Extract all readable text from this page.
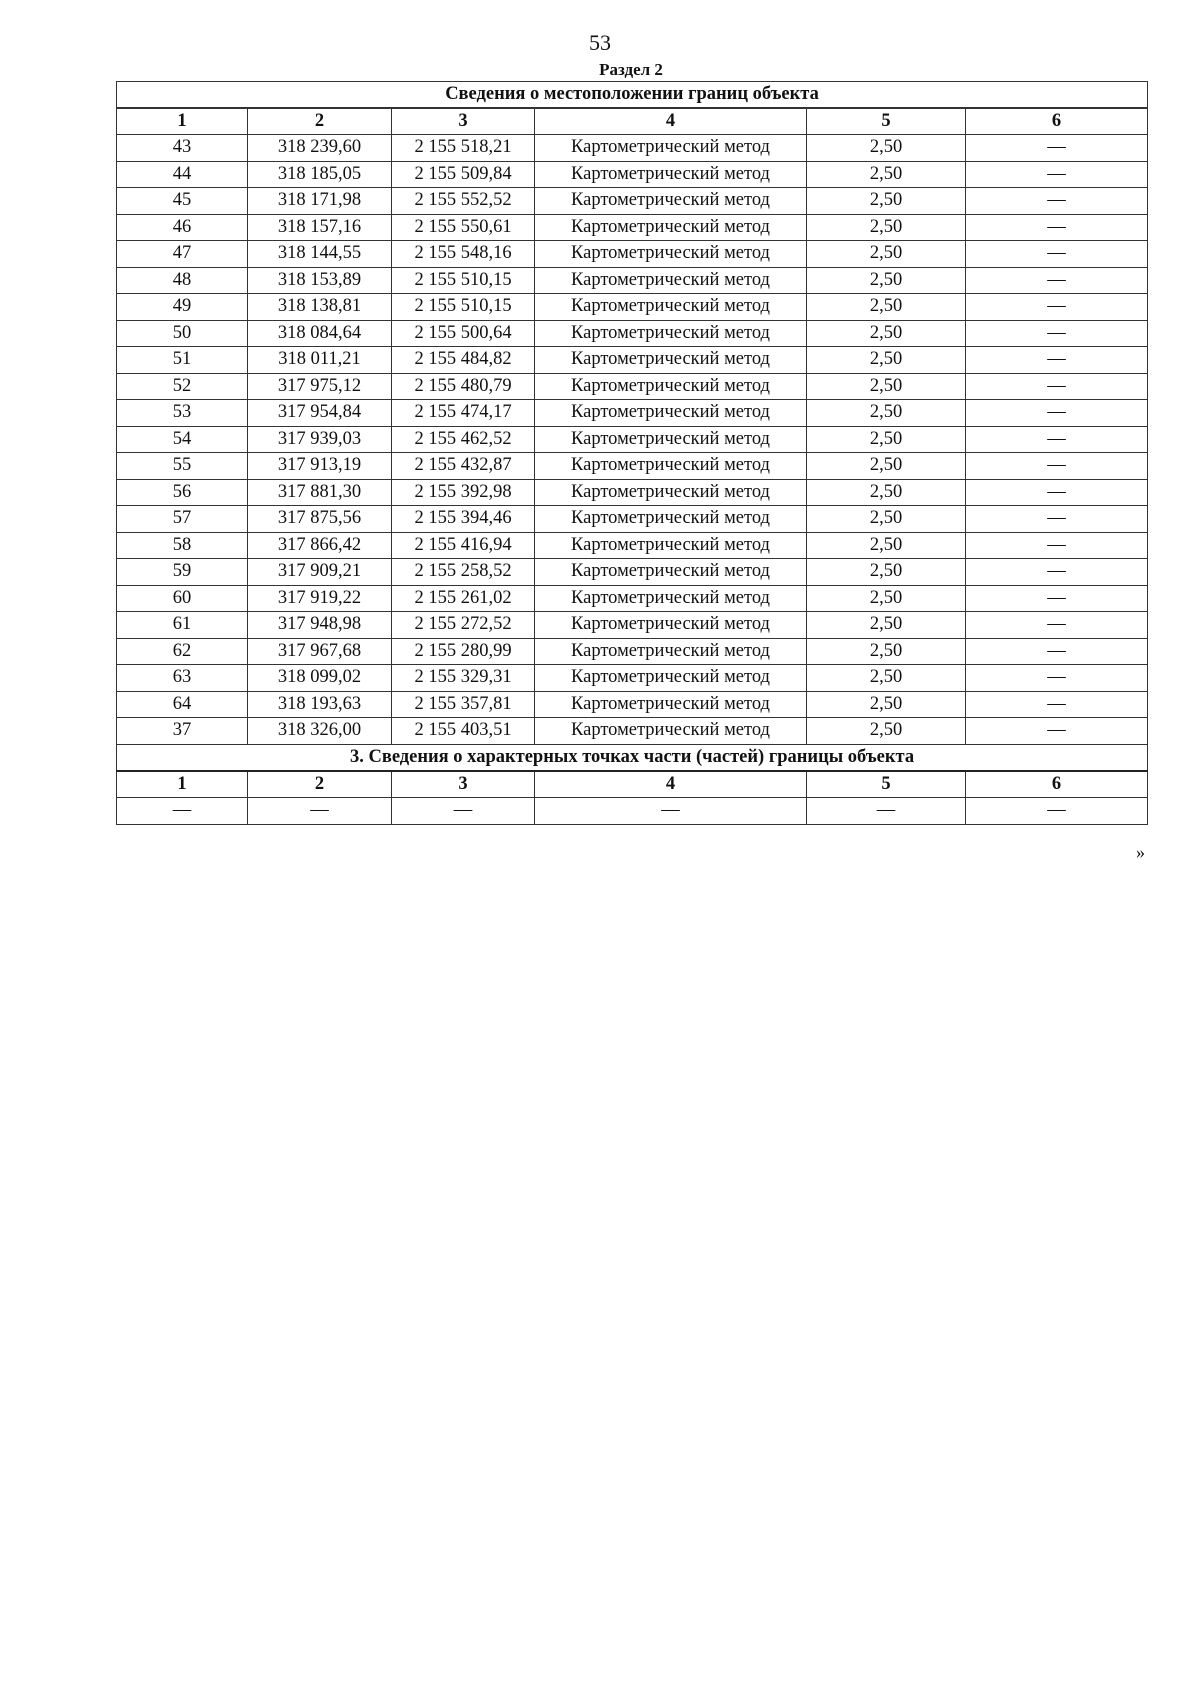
53
Раздел 2
Сведения о местоположении границ объекта					
1	2	3	4	5	6
43	318 239,60	2 155 518,21	Картометрический метод	2,50	—
44	318 185,05	2 155 509,84	Картометрический метод	2,50	—
45	318 171,98	2 155 552,52	Картометрический метод	2,50	—
46	318 157,16	2 155 550,61	Картометрический метод	2,50	—
47	318 144,55	2 155 548,16	Картометрический метод	2,50	—
48	318 153,89	2 155 510,15	Картометрический метод	2,50	—
49	318 138,81	2 155 510,15	Картометрический метод	2,50	—
50	318 084,64	2 155 500,64	Картометрический метод	2,50	—
51	318 011,21	2 155 484,82	Картометрический метод	2,50	—
52	317 975,12	2 155 480,79	Картометрический метод	2,50	—
53	317 954,84	2 155 474,17	Картометрический метод	2,50	—
54	317 939,03	2 155 462,52	Картометрический метод	2,50	—
55	317 913,19	2 155 432,87	Картометрический метод	2,50	—
56	317 881,30	2 155 392,98	Картометрический метод	2,50	—
57	317 875,56	2 155 394,46	Картометрический метод	2,50	—
58	317 866,42	2 155 416,94	Картометрический метод	2,50	—
59	317 909,21	2 155 258,52	Картометрический метод	2,50	—
60	317 919,22	2 155 261,02	Картометрический метод	2,50	—
61	317 948,98	2 155 272,52	Картометрический метод	2,50	—
62	317 967,68	2 155 280,99	Картометрический метод	2,50	—
63	318 099,02	2 155 329,31	Картометрический метод	2,50	—
64	318 193,63	2 155 357,81	Картометрический метод	2,50	—
37	318 326,00	2 155 403,51	Картометрический метод	2,50	—
3. Сведения о характерных точках части (частей) границы объекта					
1	2	3	4	5	6
—	—	—	—	—	—
»
